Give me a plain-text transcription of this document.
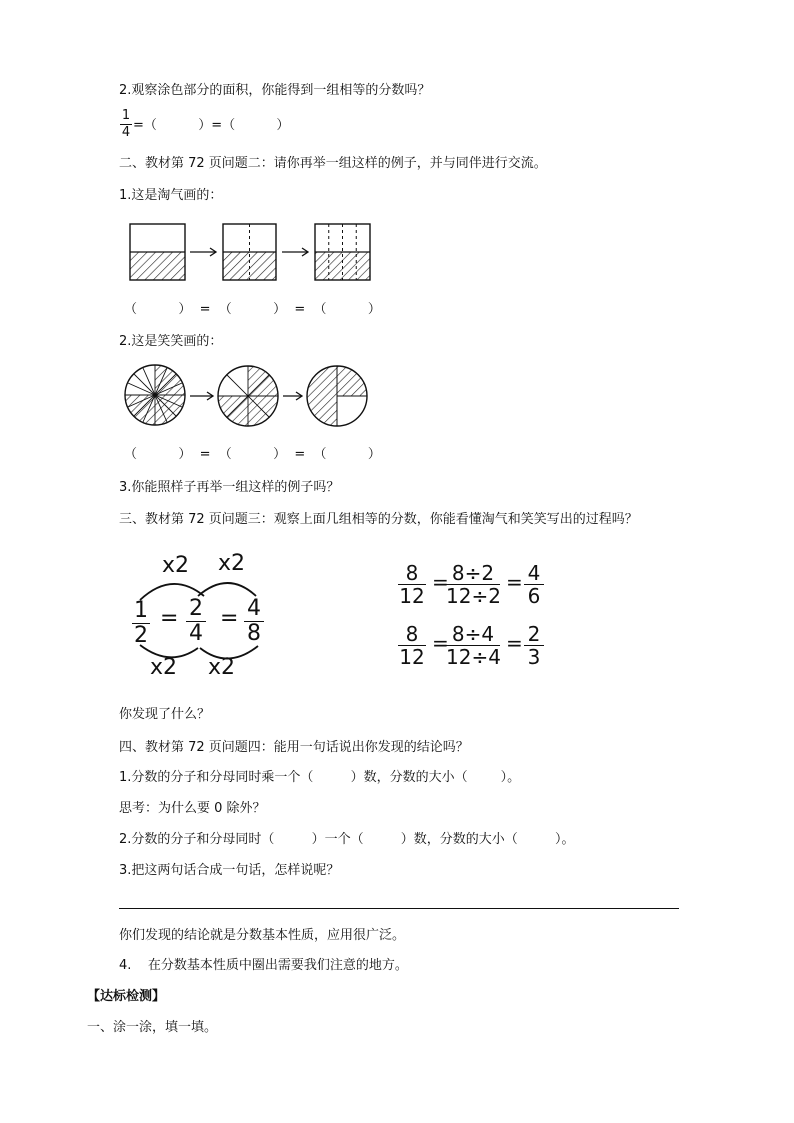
2.观察涂色部分的面积，你能得到一组相等的分数吗？
1
4 =（          ）=（          ）
二、教材第 72 页问题二：请你再举一组这样的例子，并与同伴进行交流。
1.这是淘气画的：
（          ）  =  （          ）  =  （          ）
2.这是笑笑画的：
（          ）  =  （          ）  =  （          ）
3.你能照样子再举一组这样的例子吗？
三、教材第 72 页问题三：观察上面几组相等的分数，你能看懂淘气和笑笑写出的过程吗？
x2 x2
x2 x2
1
2
= 2
4
= 4
8
8
12
= 8÷2
12÷2
= 4
6
8
12
= 8÷4
12÷4
= 2
3
你发现了什么？
四、教材第 72 页问题四：能用一句话说出你发现的结论吗？
1.分数的分子和分母同时乘一个（         ）数，分数的大小（        ）。
思考：为什么要 0 除外？
2.分数的分子和分母同时（         ）一个（         ）数，分数的大小（         ）。
3.把这两句话合成一句话，怎样说呢？
你们发现的结论就是分数基本性质，应用很广泛。
4.    在分数基本性质中圈出需要我们注意的地方。
【达标检测】
一、涂一涂，填一填。
